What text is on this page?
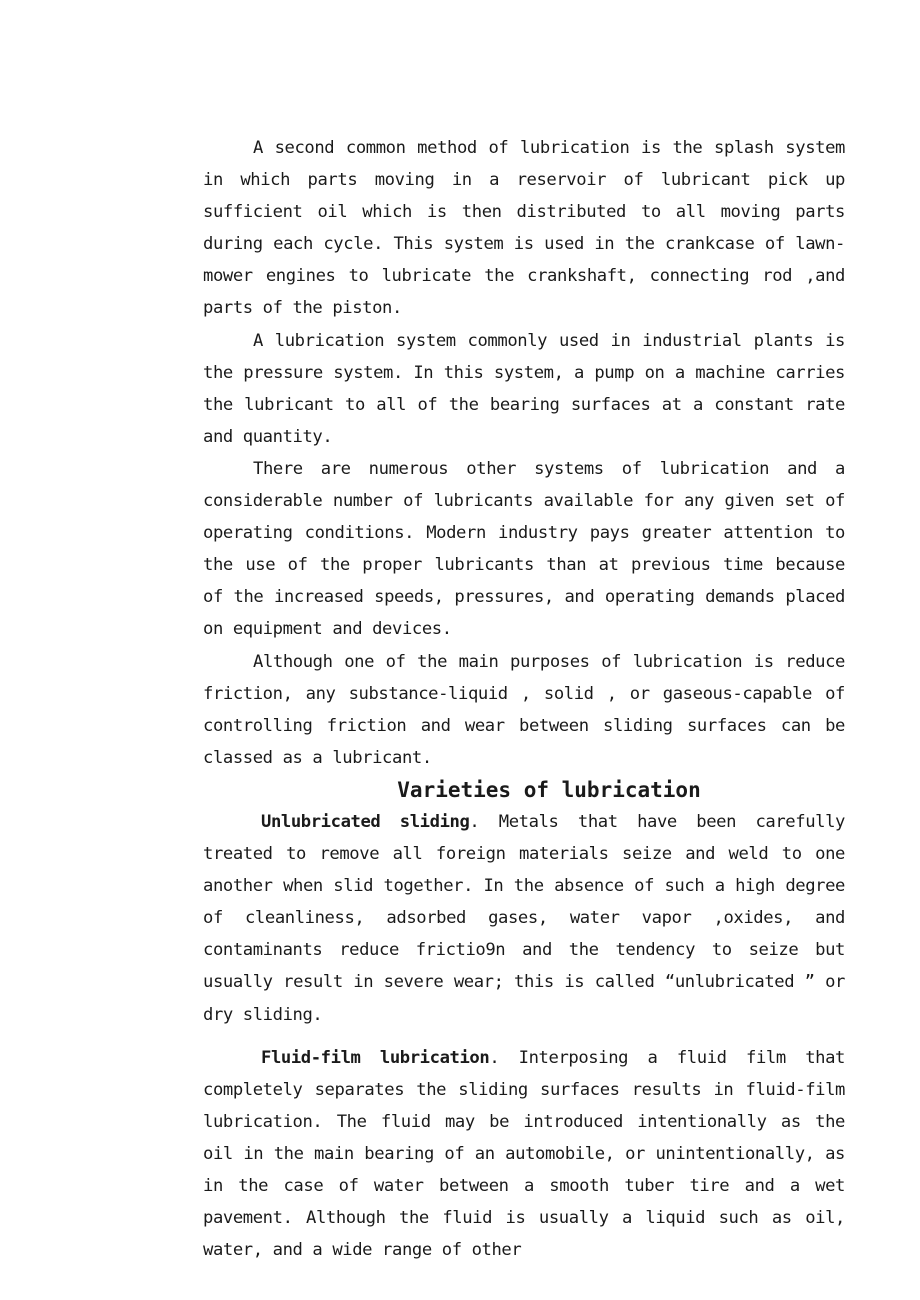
A second common method of lubrication is the splash system in which parts moving in a reservoir of lubricant pick up sufficient oil which is then distributed to all moving parts during each cycle. This system is used in the crankcase of lawn-mower engines to lubricate the crankshaft, connecting rod ,and parts of the piston.

A lubrication system commonly used in industrial plants is the pressure system. In this system, a pump on a machine carries the lubricant to all of the bearing surfaces at a constant rate and quantity.

There are numerous other systems of lubrication and a considerable number of lubricants available for any given set of operating conditions. Modern industry pays greater attention to the use of the proper lubricants than at previous time because of the increased speeds, pressures, and operating demands placed on equipment and devices.

Although one of the main purposes of lubrication is reduce friction, any substance-liquid , solid , or gaseous-capable of controlling friction and wear between sliding surfaces can be classed as a lubricant.

Varieties of lubrication

Unlubricated sliding. Metals that have been carefully treated to remove all foreign materials seize and weld to one another when slid together. In the absence of such a high degree of cleanliness, adsorbed gases, water vapor ,oxides, and contaminants reduce frictio9n and the tendency to seize but usually result in severe wear; this is called “unlubricated ” or dry sliding.

Fluid-film lubrication. Interposing a fluid film that completely separates the sliding surfaces results in fluid-film lubrication. The fluid may be introduced intentionally as the oil in the main bearing of an automobile, or unintentionally, as in the case of water between a smooth tuber tire and a wet pavement. Although the fluid is usually a liquid such as oil, water, and a wide range of other
